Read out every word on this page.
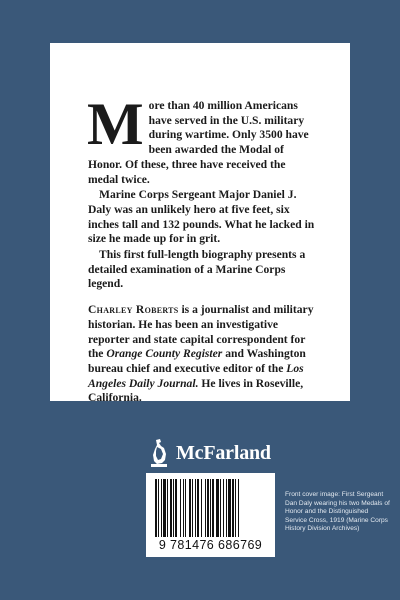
More than 40 million Americans have served in the U.S. military during wartime. Only 3500 have been awarded the Modal of Honor. Of these, three have received the medal twice.

Marine Corps Sergeant Major Daniel J. Daly was an unlikely hero at five feet, six inches tall and 132 pounds. What he lacked in size he made up for in grit.

This first full-length biography presents a detailed examination of a Marine Corps legend.

Charley Roberts is a journalist and military historian. He has been an investigative reporter and state capital correspondent for the Orange County Register and Washington bureau chief and executive editor of the Los Angeles Daily Journal. He lives in Roseville, California.
McFarland
9 781476 686769
Front cover image: First Sergeant Dan Daly wearing his two Medals of Honor and the Distinguished Service Cross, 1919 (Marine Corps History Division Archives)
